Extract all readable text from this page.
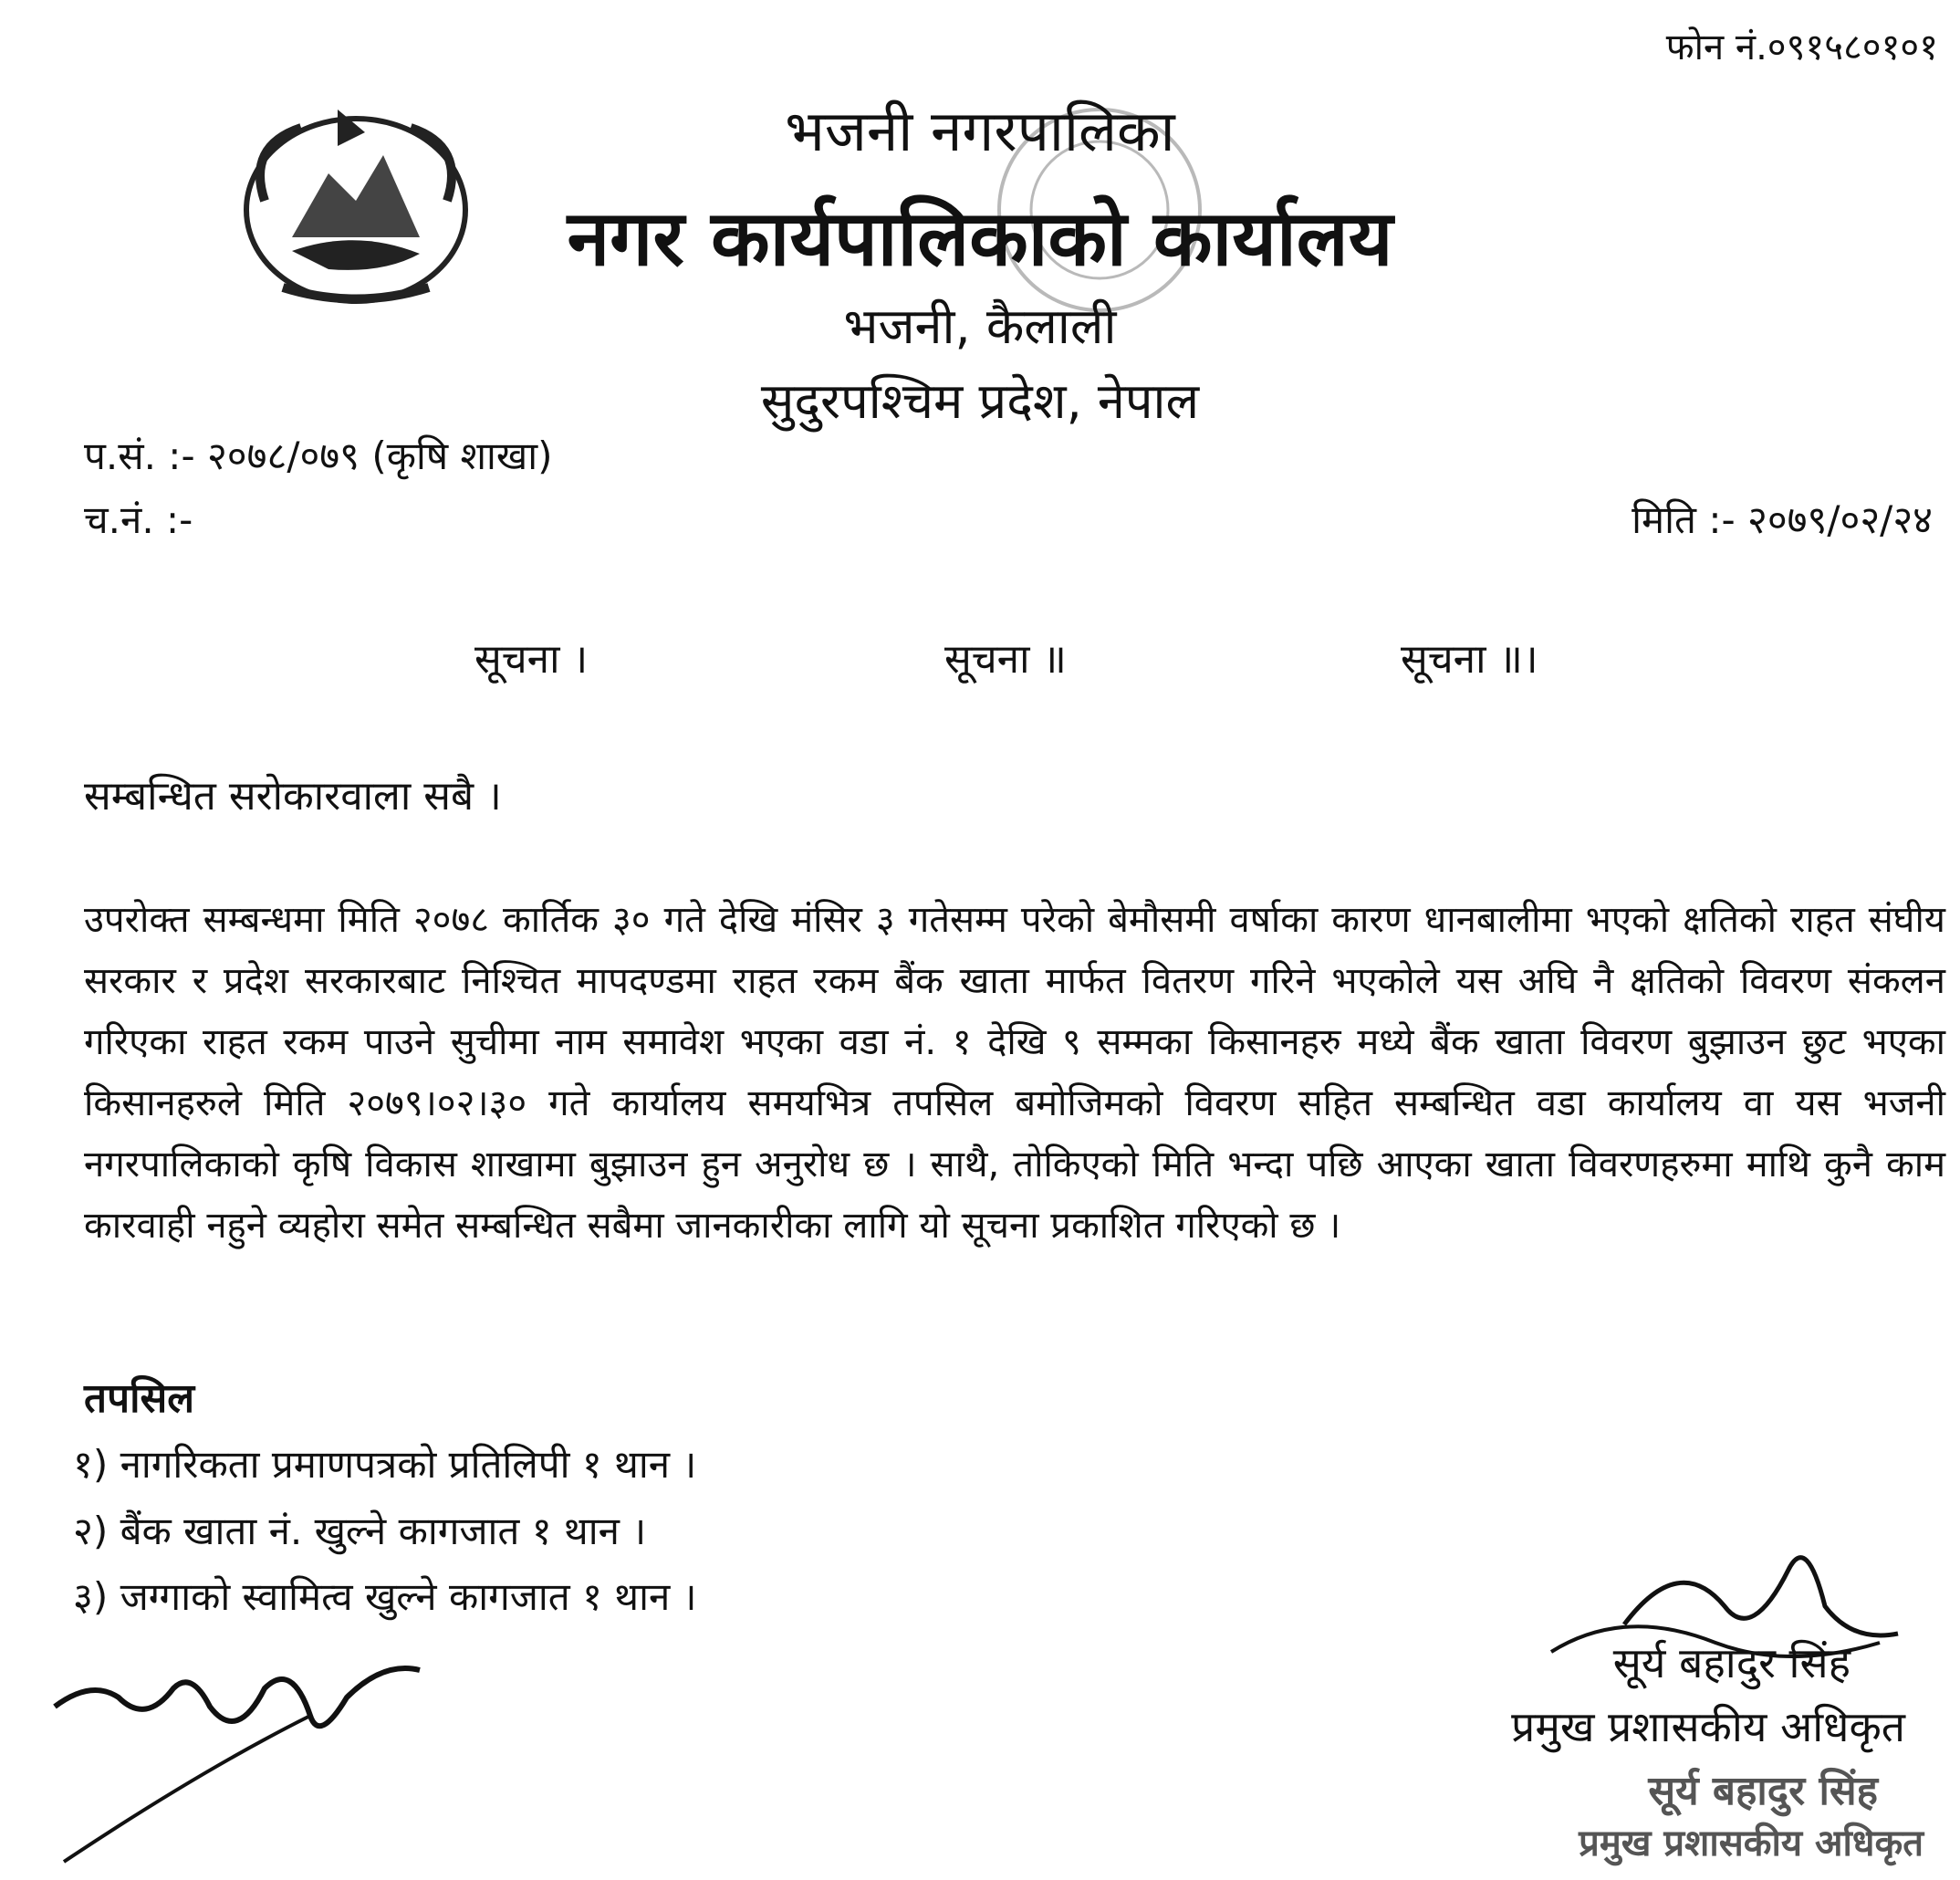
फोन नं.०९१५८०१०१
भजनी नगरपालिका
नगर कार्यपालिकाको कार्यालय
भजनी, कैलाली
सुदुरपश्चिम प्रदेश, नेपाल
प.सं. :- २०७८/०७९ (कृषि शाखा)
च.नं. :-	मिति :- २०७९/०२/२४
सूचना ।	सूचना ॥	सूचना ॥।
सम्बन्धित सरोकारवाला सबै ।
उपरोक्त सम्बन्धमा मिति २०७८ कार्तिक ३० गते देखि मंसिर ३ गतेसम्म परेको बेमौसमी वर्षाका कारण धानबालीमा भएको क्षतिको राहत संघीय सरकार र प्रदेश सरकारबाट निश्चित मापदण्डमा राहत रकम बैंक खाता मार्फत वितरण गरिने भएकोले यस अघि नै क्षतिको विवरण संकलन गरिएका राहत रकम पाउने सुचीमा नाम समावेश भएका वडा नं. १ देखि ९ सम्मका किसानहरु मध्ये बैंक खाता विवरण बुझाउन छुट भएका किसानहरुले मिति २०७९।०२।३० गते कार्यालय समयभित्र तपसिल बमोजिमको विवरण सहित सम्बन्धित वडा कार्यालय वा यस भजनी नगरपालिकाको कृषि विकास शाखामा बुझाउन हुन अनुरोध छ । साथै, तोकिएको मिति भन्दा पछि आएका खाता विवरणहरुमा माथि कुनै काम कारवाही नहुने व्यहोरा समेत सम्बन्धित सबैमा जानकारीका लागि यो सूचना प्रकाशित गरिएको छ ।
तपसिल
१) नागरिकता प्रमाणपत्रको प्रतिलिपी १ थान ।
२) बैंक खाता नं. खुल्ने कागजात १ थान ।
३) जग्गाको स्वामित्व खुल्ने कागजात १ थान ।
सूर्य बहादुर सिंह
प्रमुख प्रशासकीय अधिकृत
सूर्य बहादुर सिंह
प्रमुख प्रशासकीय अधिकृत
